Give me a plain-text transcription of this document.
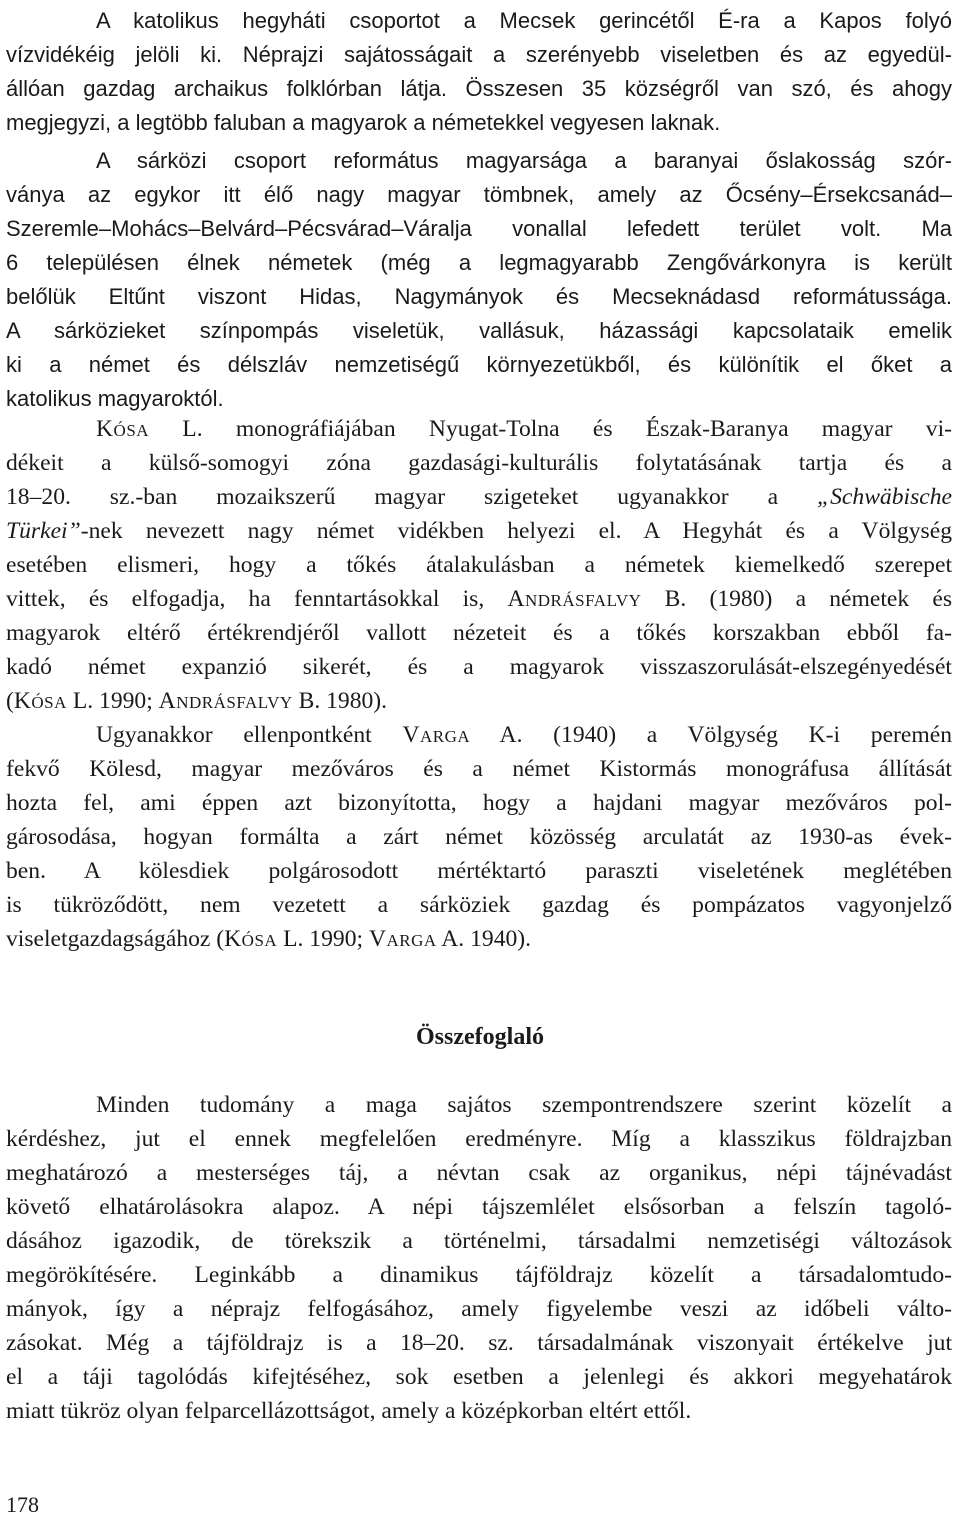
A katolikus hegyháti csoportot a Mecsek gerincétől É-ra a Kapos folyó
vízvidékéig jelöli ki. Néprajzi sajátosságait a szerényebb viseletben és az egyedül-
állóan gazdag archaikus folklórban látja. Összesen 35 községről van szó, és ahogy
megjegyzi, a legtöbb faluban a magyarok a németekkel vegyesen laknak.
A sárközi csoport református magyarsága a baranyai őslakosság szór-
ványa az egykor itt élő nagy magyar tömbnek, amely az Őcsény–Érsekcsanád–
Szeremle–Mohács–Belvárd–Pécsvárad–Váralja vonallal lefedett terület volt. Ma
6 településen élnek németek (még a legmagyarabb Zengővárkonyra is került
belőlük Eltűnt viszont Hidas, Nagymányok és Mecseknádasd reformátussága.
A sárközieket színpompás viseletük, vallásuk, házassági kapcsolataik emelik
ki a német és délszláv nemzetiségű környezetükből, és különítik el őket a
katolikus magyaroktól.
Kósa L. monográfiájában Nyugat-Tolna és Észak-Baranya magyar vi-
dékeit a külső-somogyi zóna gazdasági-kulturális folytatásának tartja és a
18–20. sz.-ban mozaikszerű magyar szigeteket ugyanakkor a „Schwäbische
Türkei”-nek nevezett nagy német vidékben helyezi el. A Hegyhát és a Völgység
esetében elismeri, hogy a tőkés átalakulásban a németek kiemelkedő szerepet
vittek, és elfogadja, ha fenntartásokkal is, Andrásfalvy B. (1980) a németek és
magyarok eltérő értékrendjéről vallott nézeteit és a tőkés korszakban ebből fa-
kadó német expanzió sikerét, és a magyarok visszaszorulását-elszegényedését
(Kósa L. 1990; Andrásfalvy B. 1980).
Ugyanakkor ellenpontként Varga A. (1940) a Völgység K-i peremén
fekvő Kölesd, magyar mezőváros és a német Kistormás monográfusa állítását
hozta fel, ami éppen azt bizonyította, hogy a hajdani magyar mezőváros pol-
gárosodása, hogyan formálta a zárt német közösség arculatát az 1930-as évek-
ben. A kölesdiek polgárosodott mértéktartó paraszti viseletének meglétében
is tükröződött, nem vezetett a sárköziek gazdag és pompázatos vagyonjelző
viseletgazdagságához (Kósa L. 1990; Varga A. 1940).
Összefoglaló
Minden tudomány a maga sajátos szempontrendszere szerint közelít a
kérdéshez, jut el ennek megfelelően eredményre. Míg a klasszikus földrajzban
meghatározó a mesterséges táj, a névtan csak az organikus, népi tájnévadást
követő elhatárolásokra alapoz. A népi tájszemlélet elsősorban a felszín tagoló-
dásához igazodik, de törekszik a történelmi, társadalmi nemzetiségi változások
megörökítésére. Leginkább a dinamikus tájföldrajz közelít a társadalomtudo-
mányok, így a néprajz felfogásához, amely figyelembe veszi az időbeli válto-
zásokat. Még a tájföldrajz is a 18–20. sz. társadalmának viszonyait értékelve jut
el a táji tagolódás kifejtéséhez, sok esetben a jelenlegi és akkori megyehatárok
miatt tükröz olyan felparcellázottságot, amely a középkorban eltért ettől.
178
